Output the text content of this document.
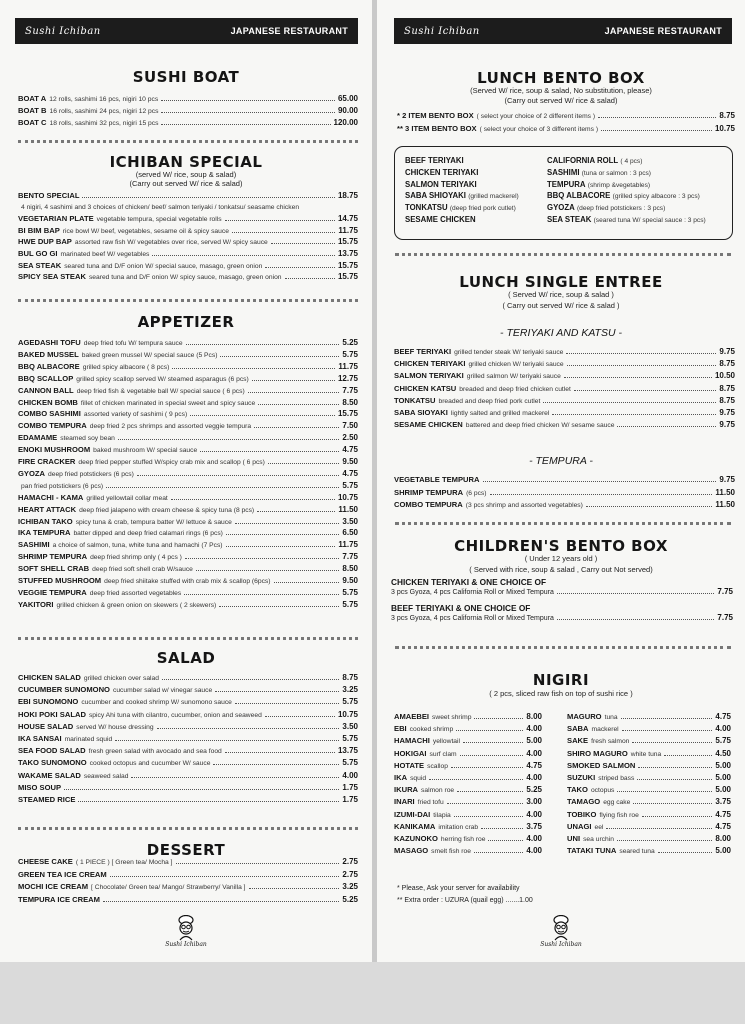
Sushi Ichiban	JAPANESE RESTAURANT
SUSHI BOAT
BOAT A 12 rolls, sashimi 16 pcs, nigiri 10 pcs	65.00
BOAT B 16 rolls, sashimi 24 pcs, nigiri 12 pcs	90.00
BOAT C 18 rolls, sashimi 32 pcs, nigiri 15 pcs	120.00
ICHIBAN SPECIAL
(served W/ rice, soup & salad)
(Carry out served W/ rice & salad)
BENTO SPECIAL	18.75
4 nigiri, 4 sashimi and 3 choices of chicken/ beef/ salmon teriyaki / tonkatsu/ seasame chicken
VEGETARIAN PLATE vegetable tempura, special vegetable rolls	14.75
BI BIM BAP rice bowl W/ beef, vegetables, sesame oil & spicy sauce	11.75
HWE DUP BAP assorted raw fish W/ vegetables over rice, served W/ spicy sauce	15.75
BUL GO GI marinated beef W/ vegetables	13.75
SEA STEAK seared tuna and D/F onion W/ special sauce, masago, green onion	15.75
SPICY SEA STEAK seared tuna and D/F onion W/ spicy sauce, masago, green onion	15.75
APPETIZER
AGEDASHI TOFU deep fried tofu W/ tempura sauce	5.25
BAKED MUSSEL baked green mussel W/ special sauce (5 Pcs)	5.75
BBQ ALBACORE grilled spicy albacore ( 8 pcs)	11.75
BBQ SCALLOP grilled spicy scallop served W/ steamed asparagus (6 pcs)	12.75
CANNON BALL deep fried fish & vegetable ball W/ special sauce ( 6 pcs)	7.75
CHICKEN BOMB fillet of chicken marinated in special sweet and spicy sauce	8.50
COMBO SASHIMI assorted variety of sashimi ( 9 pcs)	15.75
COMBO TEMPURA deep fried 2 pcs shrimps and assorted veggie tempura	7.50
EDAMAME steamed soy bean	2.50
ENOKI MUSHROOM baked mushroom W/ special sauce	4.75
FIRE CRACKER deep fried pepper stuffed W/spicy crab mix and scallop ( 6 pcs)	9.50
GYOZA deep fried potstickers (6 pcs)	4.75
pan fried potstickers (6 pcs)	5.75
HAMACHI - KAMA grilled yellowtail collar meat	10.75
HEART ATTACK deep fried jalapeno with cream cheese & spicy tuna (8 pcs)	11.50
ICHIBAN TAKO spicy tuna & crab, tempura batter W/ lettuce & sauce	3.50
IKA TEMPURA batter dipped and deep fried calamari rings (6 pcs)	6.50
SASHIMI a choice of salmon, tuna, white tuna and hamachi (7 Pcs)	11.75
SHRIMP TEMPURA deep fried shrimp only ( 4 pcs )	7.75
SOFT SHELL CRAB deep fried soft shell crab W/sauce	8.50
STUFFED MUSHROOM deep fried shiitake stuffed with crab mix & scallop (6pcs)	9.50
VEGGIE TEMPURA deep fried assorted vegetables	5.75
YAKITORI grilled chicken & green onion on skewers ( 2 skewers)	5.75
SALAD
CHICKEN SALAD grilled chicken over salad	8.75
CUCUMBER SUNOMONO cucumber salad w/ vinegar sauce	3.25
EBI SUNOMONO cucumber and cooked shrimp W/ sunomono sauce	5.75
HOKI POKI SALAD spicy Ahi tuna with cilantro, cucumber, onion and seaweed	10.75
HOUSE SALAD served W/ house dressing	3.50
IKA SANSAI marinated squid	5.75
SEA FOOD SALAD fresh green salad with avocado and sea food	13.75
TAKO SUNOMONO cooked octopus and cucumber W/ sauce	5.75
WAKAME SALAD seaweed salad	4.00
MISO SOUP	1.75
STEAMED RICE	1.75
DESSERT
CHEESE CAKE ( 1 PIECE ) [ Green tea/ Mocha ]	2.75
GREEN TEA ICE CREAM	2.75
MOCHI ICE CREAM [ Chocolate/ Green tea/ Mango/ Strawberry/ Vanilla ]	3.25
TEMPURA ICE CREAM	5.25
Sushi Ichiban
Sushi Ichiban	JAPANESE RESTAURANT
LUNCH BENTO BOX
(Served W/ rice, soup & salad, No substitution, please)
(Carry out served W/ rice & salad)
* 2 ITEM BENTO BOX ( select your choice of 2 different items )	8.75
** 3 ITEM BENTO BOX ( select your choice of 3 different items )	10.75
BEEF TERIYAKI
CHICKEN TERIYAKI
SALMON TERIYAKI
SABA SHIOYAKI (grilled mackerel)
TONKATSU (deep fried pork cutlet)
SESAME CHICKEN
CALIFORNIA ROLL ( 4 pcs)
SASHIMI (tuna or salmon : 3 pcs)
TEMPURA (shrimp &vegetables)
BBQ ALBACORE (grilled spicy albacore : 3 pcs)
GYOZA (deep fried potstickers : 3 pcs)
SEA STEAK (seared tuna W/ special sauce : 3 pcs)
LUNCH SINGLE ENTREE
( Served W/ rice, soup & salad )
( Carry out served W/ rice & salad )
- TERIYAKI AND KATSU -
BEEF TERIYAKI grilled tender steak W/ teriyaki sauce	9.75
CHICKEN TERIYAKI grilled chicken W/ teriyaki sauce	8.75
SALMON TERIYAKI grilled salmon W/ teriyaki sauce	10.50
CHICKEN KATSU breaded and deep fried chicken cutlet	8.75
TONKATSU breaded and deep fried pork cutlet	8.75
SABA SIOYAKI lightly salted and grilled mackerel	9.75
SESAME CHICKEN battered and deep fried chicken W/ sesame sauce	9.75
- TEMPURA -
VEGETABLE TEMPURA	9.75
SHRIMP TEMPURA (6 pcs)	11.50
COMBO TEMPURA (3 pcs shrimp and assorted vegetables)	11.50
CHILDREN'S BENTO BOX
( Under 12 years old )
( Served with rice, soup & salad , Carry out Not served)
CHICKEN TERIYAKI & ONE CHOICE OF
3 pcs Gyoza, 4 pcs California Roll or Mixed Tempura	7.75
BEEF TERIYAKI & ONE CHOICE OF
3 pcs Gyoza, 4 pcs California Roll or Mixed Tempura	7.75
NIGIRI
( 2 pcs, sliced raw fish on top of sushi rice )
AMAEBEI sweet shrimp	8.00
EBI cooked shrimp	4.00
HAMACHI yellowtail	5.00
HOKIGAI surf clam	4.00
HOTATE scallop	4.75
IKA squid	4.00
IKURA salmon roe	5.25
INARI fried tofu	3.00
IZUMI-DAI tilapia	4.00
KANIKAMA imitation crab	3.75
KAZUNOKO herring fish roe	4.00
MASAGO smelt fish roe	4.00
MAGURO tuna	4.75
SABA mackerel	4.00
SAKE fresh salmon	5.75
SHIRO MAGURO white tuna	4.50
SMOKED SALMON	5.00
SUZUKI striped bass	5.00
TAKO octopus	5.00
TAMAGO egg cake	3.75
TOBIKO flying fish roe	4.75
UNAGI eel	4.75
UNI sea urchin	8.00
TATAKI TUNA seared tuna	5.00
* Please, Ask your server for availability
** Extra order : UZURA (quail egg) .......1.00
Sushi Ichiban
